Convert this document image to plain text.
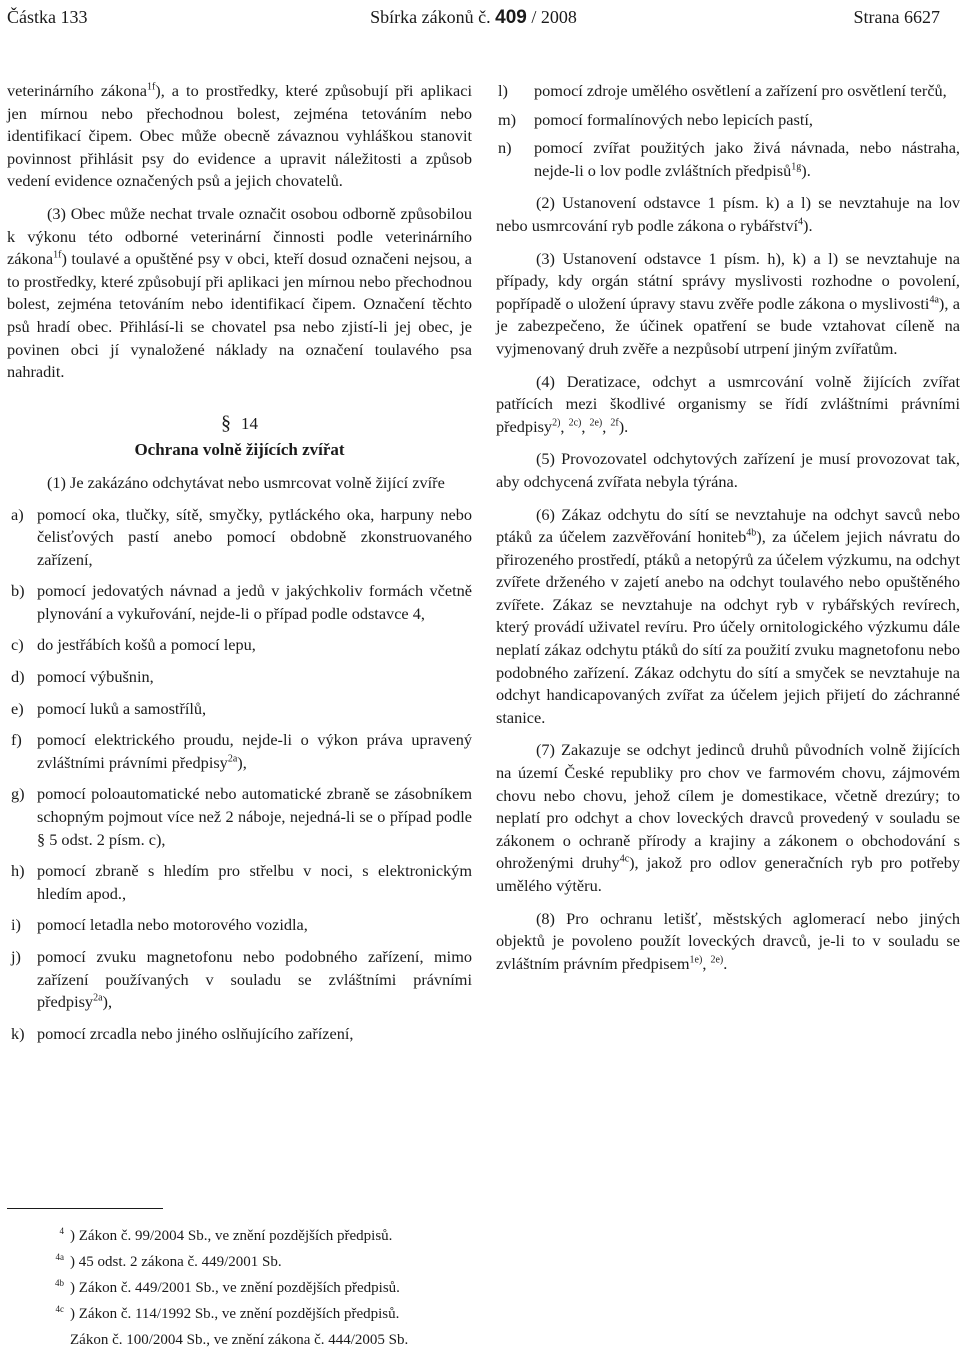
Částka 133	Sbírka zákonů č. 409 / 2008	Strana 6627

veterinárního zákona$^{1f}$), a to prostředky, které způsobují při aplikaci jen mírnou nebo přechodnou bolest, zejména tetováním nebo identifikací čipem. Obec může obecně závaznou vyhláškou stanovit povinnost přihlásit psy do evidence a upravit náležitosti a způsob vedení evidence označených psů a jejich chovatelů.

(3) Obec může nechat trvale označit osobou odborně způsobilou k výkonu této odborné veterinární činnosti podle veterinárního zákona$^{1f}$) toulavé a opuštěné psy v obci, kteří dosud označeni nejsou, a to prostředky, které způsobují při aplikaci jen mírnou nebo přechodnou bolest, zejména tetováním nebo identifikací čipem. Označení těchto psů hradí obec. Přihlásí-li se chovatel psa nebo zjistí-li jej obec, je povinen obci jí vynaložené náklady na označení toulavého psa nahradit.

§ 14
Ochrana volně žijících zvířat

(1) Je zakázáno odchytávat nebo usmrcovat volně žijící zvíře

a) pomocí oka, tlučky, sítě, smyčky, pytláckého oka, harpuny nebo čelisťových pastí anebo pomocí obdobně zkonstruovaného zařízení,
b) pomocí jedovatých návnad a jedů v jakýchkoliv formách včetně plynování a vykuřování, nejde-li o případ podle odstavce 4,
c) do jestřábích košů a pomocí lepu,
d) pomocí výbušnin,
e) pomocí luků a samostřílů,
f) pomocí elektrického proudu, nejde-li o výkon práva upravený zvláštními právními předpisy$^{2a}$),
g) pomocí poloautomatické nebo automatické zbraně se zásobníkem schopným pojmout více než 2 náboje, nejedná-li se o případ podle § 5 odst. 2 písm. c),
h) pomocí zbraně s hledím pro střelbu v noci, s elektronickým hledím apod.,
i) pomocí letadla nebo motorového vozidla,
j) pomocí zvuku magnetofonu nebo podobného zařízení, mimo zařízení používaných v souladu se zvláštními právními předpisy$^{2a}$),
k) pomocí zrcadla nebo jiného oslňujícího zařízení,
l) pomocí zdroje umělého osvětlení a zařízení pro osvětlení terčů,
m) pomocí formalínových nebo lepicích pastí,
n) pomocí zvířat použitých jako živá návnada, nebo nástraha, nejde-li o lov podle zvláštních předpisů$^{1g}$).

(2) Ustanovení odstavce 1 písm. k) a l) se nevztahuje na lov nebo usmrcování ryb podle zákona o rybářství$^4$).

(3) Ustanovení odstavce 1 písm. h), k) a l) se nevztahuje na případy, kdy orgán státní správy myslivosti rozhodne o povolení, popřípadě o uložení úpravy stavu zvěře podle zákona o myslivosti$^{4a}$), a je zabezpečeno, že účinek opatření se bude vztahovat cíleně na vyjmenovaný druh zvěře a nezpůsobí utrpení jiným zvířatům.

(4) Deratizace, odchyt a usmrcování volně žijících zvířat patřících mezi škodlivé organismy se řídí zvláštními právními předpisy$^{2)}$, $^{2c)}$, $^{2e)}$, $^{2f}$).

(5) Provozovatel odchytových zařízení je musí provozovat tak, aby odchycená zvířata nebyla týrána.

(6) Zákaz odchytu do sítí se nevztahuje na odchyt savců nebo ptáků za účelem zazvěřování honiteb$^{4b}$), za účelem jejich návratu do přirozeného prostředí, ptáků a netopýrů za účelem výzkumu, na odchyt zvířete drženého v zajetí anebo na odchyt toulavého nebo opuštěného zvířete. Zákaz se nevztahuje na odchyt ryb v rybářských revírech, který provádí uživatel revíru. Pro účely ornitologického výzkumu dále neplatí zákaz odchytu ptáků do sítí za použití zvuku magnetofonu nebo podobného zařízení. Zákaz odchytu do sítí a smyček se nevztahuje na odchyt handicapovaných zvířat za účelem jejich přijetí do záchranné stanice.

(7) Zakazuje se odchyt jedinců druhů původních volně žijících na území České republiky pro chov ve farmovém chovu, zájmovém chovu nebo chovu, jehož cílem je domestikace, včetně drezúry; to neplatí pro odchyt a chov loveckých dravců provedený v souladu se zákonem o ochraně přírody a krajiny a zákonem o obchodování s ohroženými druhy$^{4c}$), jakož pro odlov generačních ryb pro potřeby umělého výtěru.

(8) Pro ochranu letišť, městských aglomerací nebo jiných objektů je povoleno použít loveckých dravců, je-li to v souladu se zvláštním právním předpisem$^{1e)}$, $^{2e)}$.

$^4$ ) Zákon č. 99/2004 Sb., ve znění pozdějších předpisů.
$^{4a}$ ) 45 odst. 2 zákona č. 449/2001 Sb.
$^{4b}$ ) Zákon č. 449/2001 Sb., ve znění pozdějších předpisů.
$^{4c}$ ) Zákon č. 114/1992 Sb., ve znění pozdějších předpisů.
Zákon č. 100/2004 Sb., ve znění zákona č. 444/2005 Sb.
